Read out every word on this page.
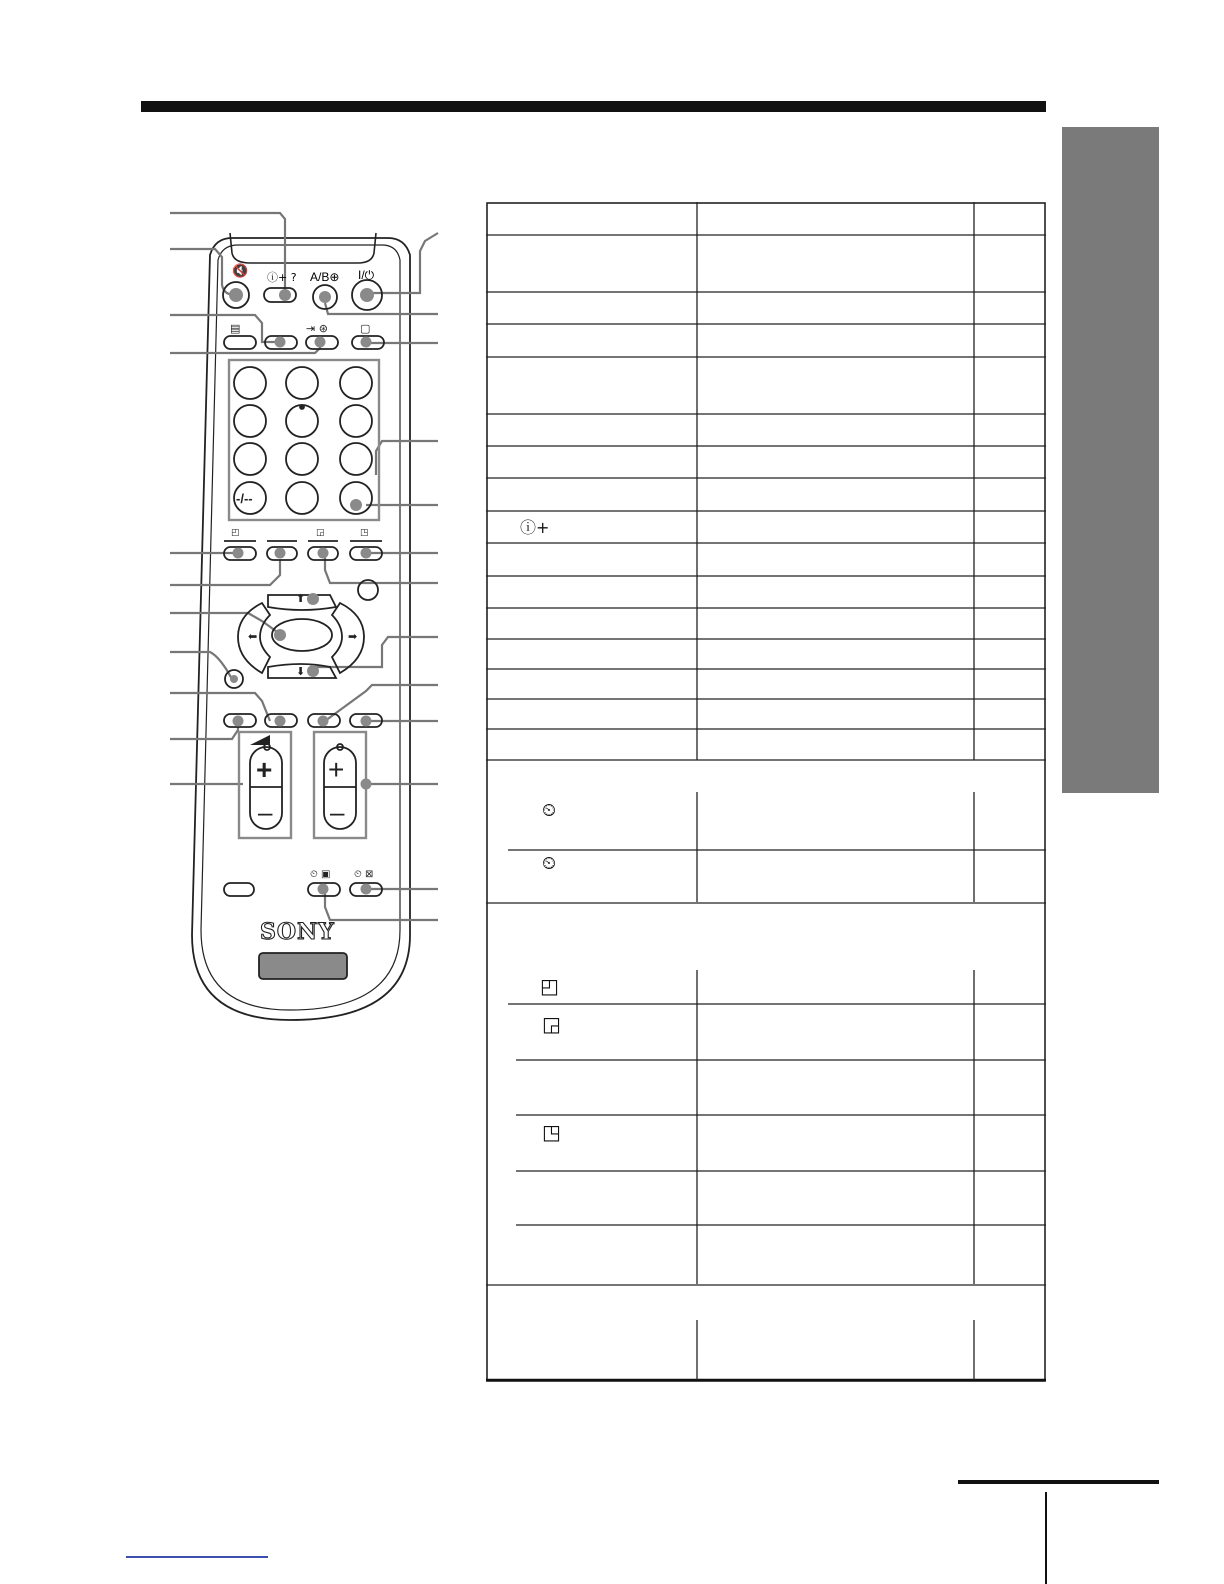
🔇 ⓘ+ ? A/B⊕ I/⏻
▤	⇥ ⊛	▢
-/--
◰	◲	◳
⬆
⬇
⬅	➡
+
–
+
–
⏲ ▣ ⏲ ⊠
SONY
ⓘ+
⏲
⏲
◰
◲
◳
